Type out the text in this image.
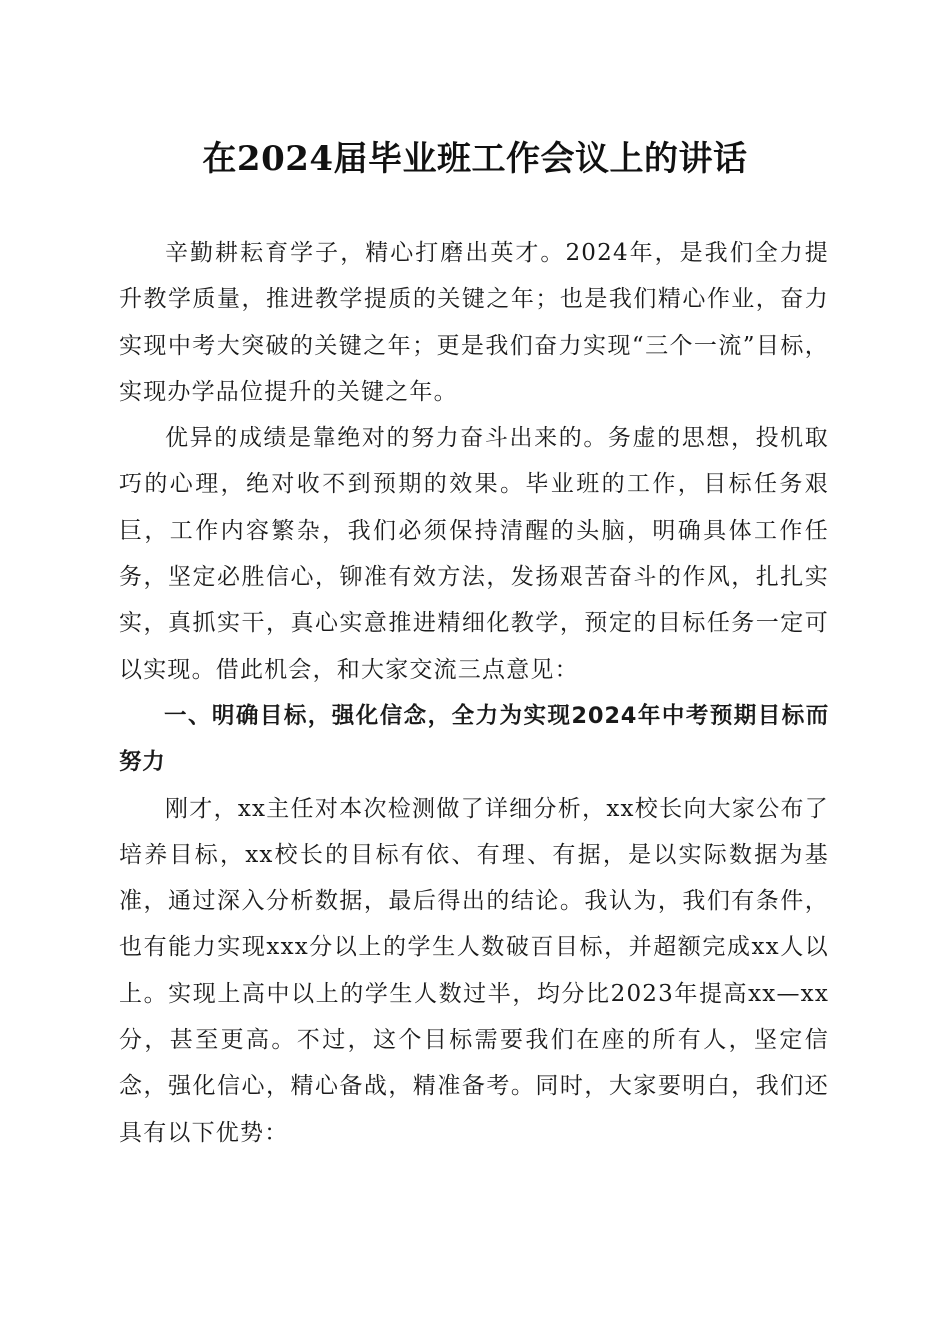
在2024届毕业班工作会议上的讲话

辛勤耕耘育学子，精心打磨出英才。2024年，是我们全力提升教学质量，推进教学提质的关键之年；也是我们精心作业，奋力实现中考大突破的关键之年；更是我们奋力实现“三个一流”目标，实现办学品位提升的关键之年。

优异的成绩是靠绝对的努力奋斗出来的。务虚的思想，投机取巧的心理，绝对收不到预期的效果。毕业班的工作，目标任务艰巨，工作内容繁杂，我们必须保持清醒的头脑，明确具体工作任务，坚定必胜信心，铆准有效方法，发扬艰苦奋斗的作风，扎扎实实，真抓实干，真心实意推进精细化教学，预定的目标任务一定可以实现。借此机会，和大家交流三点意见：

一、明确目标，强化信念，全力为实现2024年中考预期目标而努力

刚才，xx主任对本次检测做了详细分析，xx校长向大家公布了培养目标，xx校长的目标有依、有理、有据，是以实际数据为基准，通过深入分析数据，最后得出的结论。我认为，我们有条件，也有能力实现xxx分以上的学生人数破百目标，并超额完成xx人以上。实现上高中以上的学生人数过半，均分比2023年提高xx—xx分，甚至更高。不过，这个目标需要我们在座的所有人，坚定信念，强化信心，精心备战，精准备考。同时，大家要明白，我们还具有以下优势：
